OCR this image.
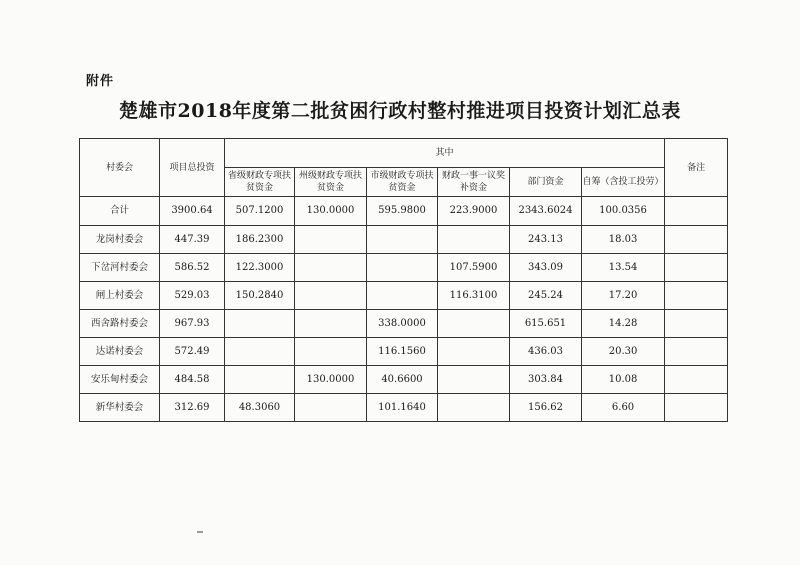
附件
楚雄市2018年度第二批贫困行政村整村推进项目投资计划汇总表
村委会	项目总投资	其中						备注
		省级财政专项扶贫资金	州级财政专项扶贫资金	市级财政专项扶贫资金	财政一事一议奖补资金	部门资金	自筹（含投工投劳）	
合计	3900.64	507.1200	130.0000	595.9800	223.9000	2343.6024	100.0356	
龙岗村委会	447.39	186.2300				243.13	18.03	
下岔河村委会	586.52	122.3000			107.5900	343.09	13.54	
闸上村委会	529.03	150.2840			116.3100	245.24	17.20	
西舍路村委会	967.93			338.0000		615.651	14.28	
达诺村委会	572.49			116.1560		436.03	20.30	
安乐甸村委会	484.58		130.0000	40.6600		303.84	10.08	
新华村委会	312.69	48.3060		101.1640		156.62	6.60	
